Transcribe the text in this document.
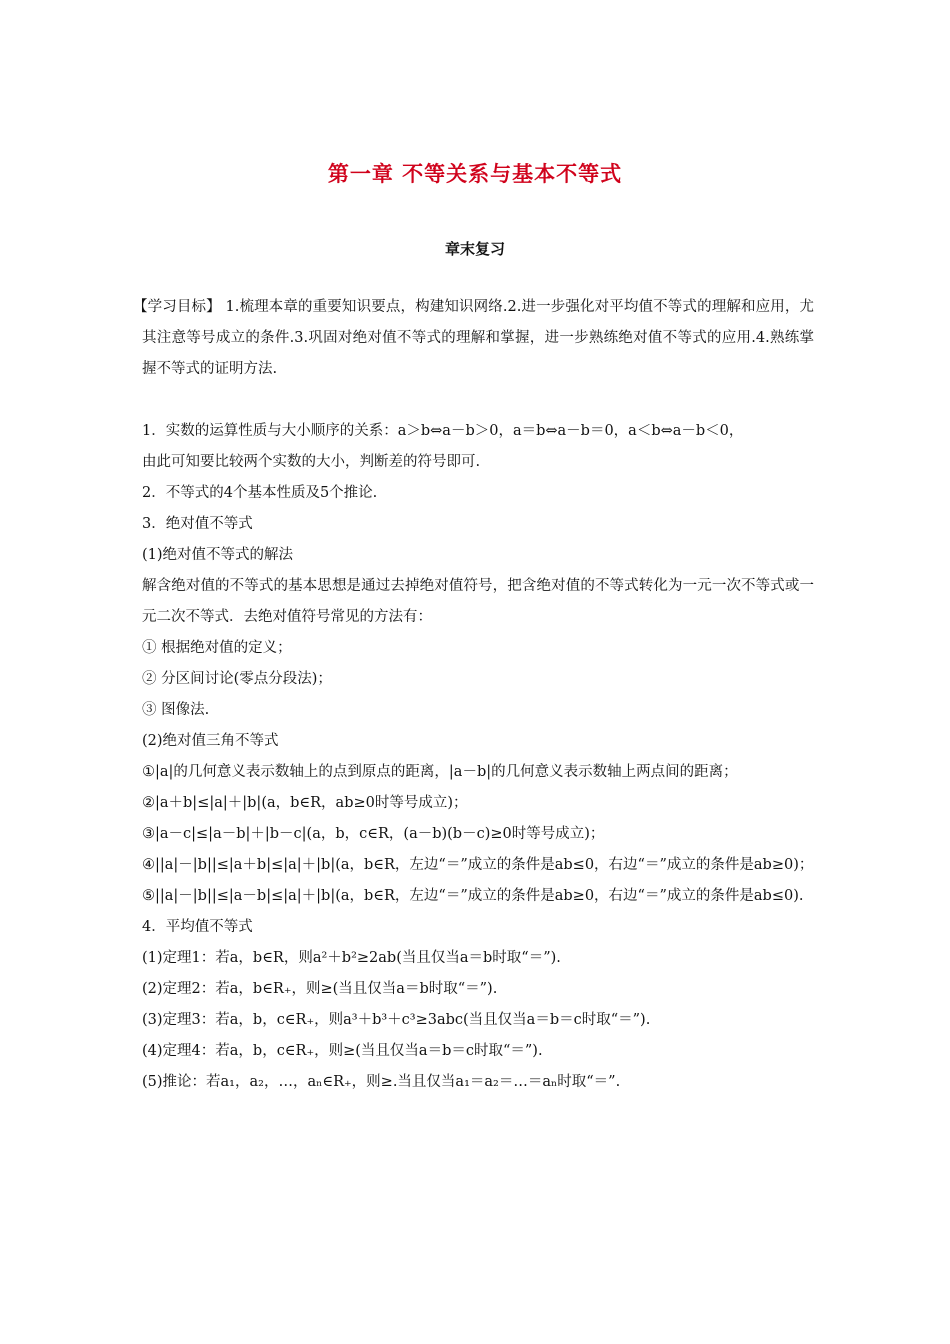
第一章 不等关系与基本不等式
章末复习
【学习目标】 1.梳理本章的重要知识要点，构建知识网络.2.进一步强化对平均值不等式的理解和应用，尤其注意等号成立的条件.3.巩固对绝对值不等式的理解和掌握，进一步熟练绝对值不等式的应用.4.熟练掌握不等式的证明方法.
1．实数的运算性质与大小顺序的关系：a＞b⇔a－b＞0，a＝b⇔a－b＝0，a＜b⇔a－b＜0，
由此可知要比较两个实数的大小，判断差的符号即可.
2．不等式的4个基本性质及5个推论.
3．绝对值不等式
(1)绝对值不等式的解法
解含绝对值的不等式的基本思想是通过去掉绝对值符号，把含绝对值的不等式转化为一元一次不等式或一元二次不等式．去绝对值符号常见的方法有：
① 根据绝对值的定义；
② 分区间讨论(零点分段法)；
③ 图像法.
(2)绝对值三角不等式
①|a|的几何意义表示数轴上的点到原点的距离，|a－b|的几何意义表示数轴上两点间的距离；
②|a＋b|≤|a|＋|b|(a，b∈R，ab≥0时等号成立)；
③|a－c|≤|a－b|＋|b－c|(a，b，c∈R，(a－b)(b－c)≥0时等号成立)；
④||a|－|b||≤|a＋b|≤|a|＋|b|(a，b∈R，左边“＝”成立的条件是ab≤0，右边“＝”成立的条件是ab≥0)；
⑤||a|－|b||≤|a－b|≤|a|＋|b|(a，b∈R，左边“＝”成立的条件是ab≥0，右边“＝”成立的条件是ab≤0).
4．平均值不等式
(1)定理1：若a，b∈R，则a²＋b²≥2ab(当且仅当a＝b时取“＝”).
(2)定理2：若a，b∈R₊，则≥(当且仅当a＝b时取“＝”).
(3)定理3：若a，b，c∈R₊，则a³＋b³＋c³≥3abc(当且仅当a＝b＝c时取“＝”).
(4)定理4：若a，b，c∈R₊，则≥(当且仅当a＝b＝c时取“＝”).
(5)推论：若a₁，a₂，…，aₙ∈R₊，则≥.当且仅当a₁＝a₂＝…＝aₙ时取“＝”.
